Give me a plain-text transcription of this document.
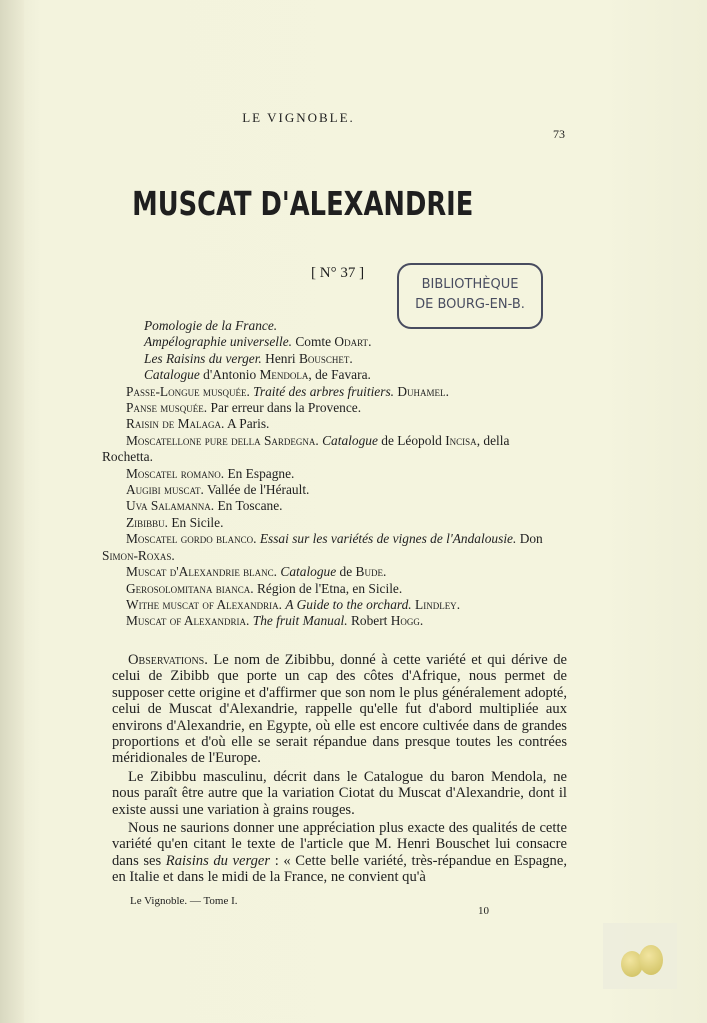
LE VIGNOBLE.
73
MUSCAT D'ALEXANDRIE
[ N° 37 ]
BIBLIOTHÈQUE
DE BOURG-EN-B.
Pomologie de la France.
Ampélographie universelle. Comte Odart.
Les Raisins du verger. Henri Bouschet.
Catalogue d'Antonio Mendola, de Favara.
Passe-Longue musquée. Traité des arbres fruitiers. Duhamel.
Panse musquée. Par erreur dans la Provence.
Raisin de Malaga. A Paris.
Moscatellone pure della Sardegna. Catalogue de Léopold Incisa, della
Rochetta.
Moscatel romano. En Espagne.
Augibi muscat. Vallée de l'Hérault.
Uva Salamanna. En Toscane.
Zibibbu. En Sicile.
Moscatel gordo blanco. Essai sur les variétés de vignes de l'Andalousie. Don
Simon-Roxas.
Muscat d'Alexandrie blanc. Catalogue de Bude.
Gerosolomitana bianca. Région de l'Etna, en Sicile.
Withe muscat of Alexandria. A Guide to the orchard. Lindley.
Muscat of Alexandria. The fruit Manual. Robert Hogg.

Observations. Le nom de Zibibbu, donné à cette variété et qui dérive de celui de Zibibb que porte un cap des côtes d'Afrique, nous permet de supposer cette origine et d'affirmer que son nom le plus généralement adopté, celui de Muscat d'Alexandrie, rappelle qu'elle fut d'abord multipliée aux environs d'Alexandrie, en Egypte, où elle est encore cultivée dans de grandes proportions et d'où elle se serait répandue dans presque toutes les contrées méridionales de l'Europe.

Le Zibibbu masculinu, décrit dans le Catalogue du baron Mendola, ne nous paraît être autre que la variation Ciotat du Muscat d'Alexandrie, dont il existe aussi une variation à grains rouges.

Nous ne saurions donner une appréciation plus exacte des qualités de cette variété qu'en citant le texte de l'article que M. Henri Bouschet lui consacre dans ses Raisins du verger : « Cette belle variété, très-répandue en Espagne, en Italie et dans le midi de la France, ne convient qu'à

Le Vignoble. — Tome I.
10
